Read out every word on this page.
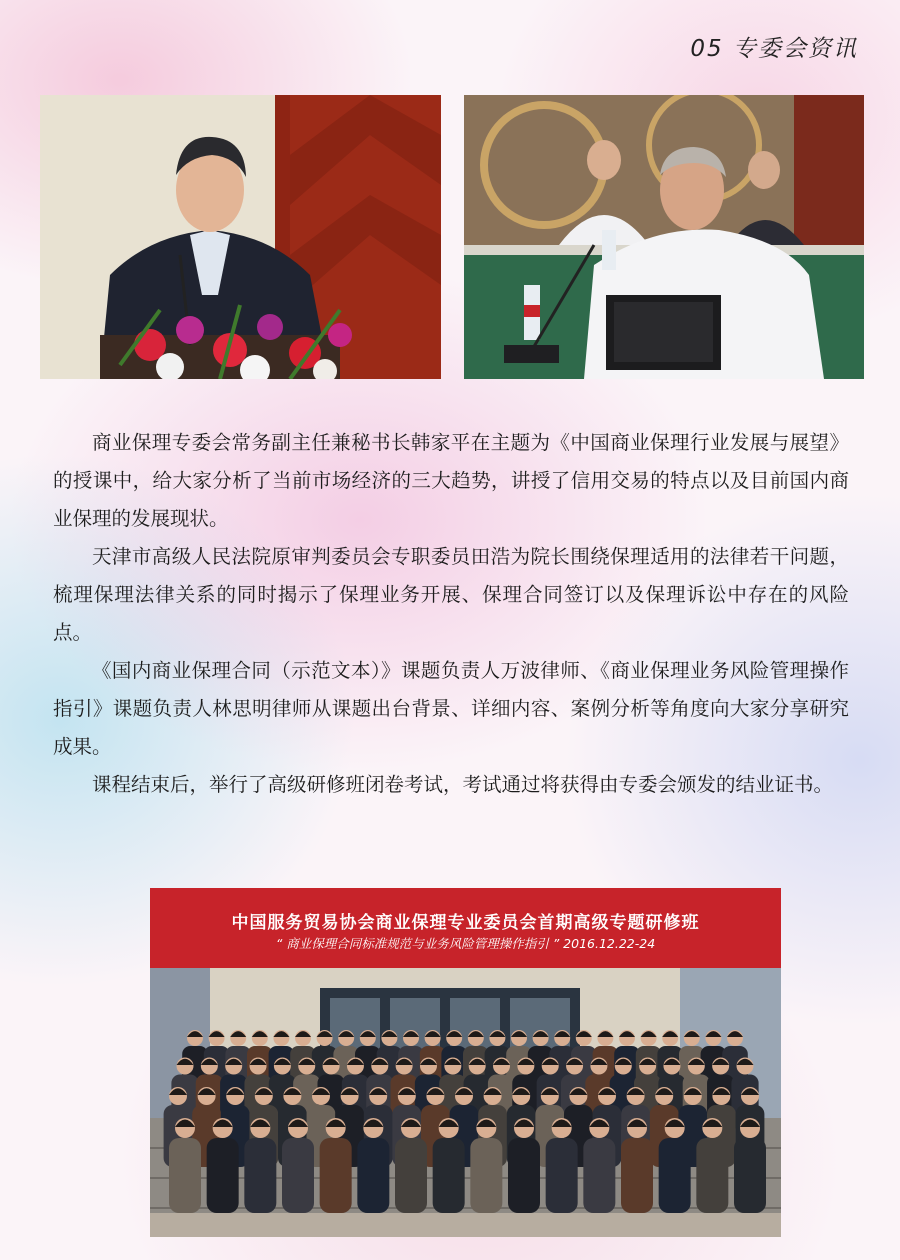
05 专委会资讯

商业保理专委会常务副主任兼秘书长韩家平在主题为《中国商业保理行业发展与展望》的授课中，给大家分析了当前市场经济的三大趋势，讲授了信用交易的特点以及目前国内商业保理的发展现状。

天津市高级人民法院原审判委员会专职委员田浩为院长围绕保理适用的法律若干问题，梳理保理法律关系的同时揭示了保理业务开展、保理合同签订以及保理诉讼中存在的风险点。

《国内商业保理合同（示范文本）》课题负责人万波律师、《商业保理业务风险管理操作指引》课题负责人林思明律师从课题出台背景、详细内容、案例分析等角度向大家分享研究成果。

课程结束后，举行了高级研修班闭卷考试，考试通过将获得由专委会颁发的结业证书。

中国服务贸易协会商业保理专业委员会首期高级专题研修班
“ 商业保理合同标准规范与业务风险管理操作指引 ” 2016.12.22-24
